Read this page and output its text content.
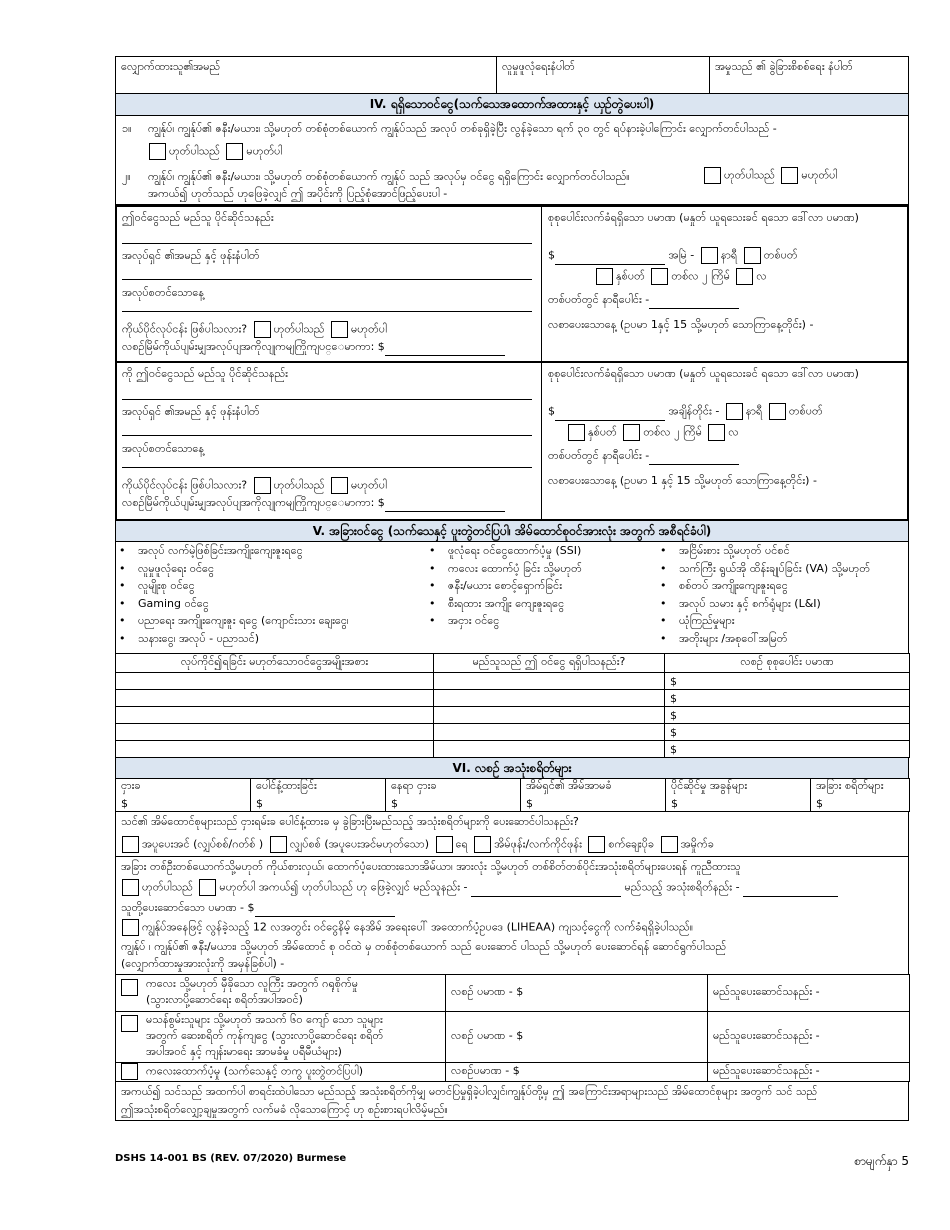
လျှောက်ထားသူ၏အမည်	လူမှုဖူလုံရေးနံပါတ်	အမှုသည် ၏ ခွဲခြားစိစစ်ရေး နံပါတ်
IV. ရရှိသောဝင်ငွေ(သက်သေအထောက်အထားနှင့် ယှဉ်တွဲပေးပါ)
၁။ ကျွန်ုပ်၊ ကျွန်ုပ်၏ ဇနီး/မယား၊ သို့မဟုတ် တစ်စုံတစ်ယောက် ကျွန်ုပ်သည် အလုပ် တစ်ခုရှိခဲ့ပြီး လွန်ခဲ့သော ရက် ၃၀ တွင် ရပ်နားခဲ့ပါကြောင်း လျှောက်တင်ပါသည် -
ဟုတ်ပါသည် မဟုတ်ပါ
၂။ ကျွန်ုပ်၊ ကျွန်ုပ်၏ ဇနီး/မယား၊ သို့မဟုတ် တစ်စုံတစ်ယောက် ကျွန်ုပ် သည် အလုပ်မှ ဝင်ငွေ ရရှိကြောင်း လျှောက်တင်ပါသည်။	ဟုတ်ပါသည် မဟုတ်ပါ
အကယ်၍ ဟုတ်သည် ဟုဖြေခဲ့လျှင် ဤ အပိုင်းကို ပြည့်စုံအောင်ဖြည့်ပေးပါ -
ဤဝင်ငွေသည် မည်သူ ပိုင်ဆိုင်သနည်း
အလုပ်ရှင် ၏အမည် နှင့် ဖုန်းနံပါတ်
အလုပ်စတင်သောနေ့
ကိုယ်ပိုင်လုပ်ငန်း ဖြစ်ပါသလား? ဟုတ်ပါသည် မဟုတ်ပါ
လစဉ်မြိမ်ကိုယ်ပျမ်းမျှအလုပ်ပျအကိုလျုကမျကြိုကျပင္ေမာကာ: $
စုစုပေါင်းလက်ခံရရှိသော ပမာဏ (မနှုတ် ယူရသေးခင် ရသော ဒေါ်လာ ပမာဏ)
$	အမြဲ - နာရီ တစ်ပတ်
နှစ်ပတ် တစ်လ ၂ ကြိမ် လ
တစ်ပတ်တွင် နာရီပေါင်း -
လစာပေးသောနေ့ (ဥပမာ 1နှင့် 15 သို့မဟုတ် သောကြာနေ့တိုင်း) -
ကို ဤဝင်ငွေသည် မည်သူ ပိုင်ဆိုင်သနည်း
အလုပ်ရှင် ၏အမည် နှင့် ဖုန်းနံပါတ်
အလုပ်စတင်သောနေ့
ကိုယ်ပိုင်လုပ်ငန်း ဖြစ်ပါသလား? ဟုတ်ပါသည် မဟုတ်ပါ
လစဉ်မြိမ်ကိုယ်ပျမ်းမျှအလုပ်ပျအကိုလျုကမျကြိုကျပင္ေမာကာ: $
စုစုပေါင်းလက်ခံရရှိသော ပမာဏ (မနှုတ် ယူရသေးခင် ရသော ဒေါ်လာ ပမာဏ)
$	အချိန်တိုင်း - နာရီ တစ်ပတ်
နှစ်ပတ် တစ်လ ၂ ကြိမ် လ
တစ်ပတ်တွင် နာရီပေါင်း -
လစာပေးသောနေ့ (ဥပမာ 1 နှင့် 15 သို့မဟုတ် သောကြာနေ့တိုင်း) -
V. အခြားဝင်ငွေ (သက်သေနှင့် ပူးတွဲတင်ပြပါ၊ အိမ်ထောင်စုဝင်အားလုံး အတွက် အစီရင်ခံပါ)
• အလုပ် လက်မဲ့ဖြစ်ခြင်းအကျိုးကျေးဇူးရငွေ
• လူမှုဖူလုံရေး ဝင်ငွေ
• လူမျိုးစု ဝင်ငွေ
• Gaming ဝင်ငွေ
• ပညာရေး အကျိုးကျေးဇူး ရငွေ (ကျောင်းသား ချေးငွေ၊
• သနားငွေ၊ အလုပ် - ပညာသင်)
• ဖူလုံရေး ဝင်ငွေထောက်ပံ့မှု (SSI)
• ကလေး ထောက်ပံ့ ခြင်း သို့မဟုတ်
• ဇနီး/မယား စောင့်ရှောက်ခြင်း
• စီးရထား အကျိုး ကျေးဇူးရငွေ
• အငှား ဝင်ငွေ
• အငြိမ်းစား သို့မဟုတ် ပင်စင်
• သက်ကြီး ရွယ်အို ထိန်းချုပ်ခြင်း (VA) သို့မဟုတ်
• စစ်တပ် အကျိုးကျေးဇူးရငွေ
• အလုပ် သမား နှင့် စက်ရုံများ (L&I)
• ယုံကြည်မှုများ
• အတိုးများ /အစုဝေါ်အမြတ်
လုပ်ကိုင်၍ရခြင်း မဟုတ်သောဝင်ငွေအမျိုးအစား	မည်သူသည် ဤ ဝင်ငွေ ရရှိပါသနည်း?	လစဉ် စုစုပေါင်း ပမာဏ
		$
		$
		$
		$
		$
VI. လစဉ် အသုံးစရိတ်များ
ငှားခ	ပေါင်နံ့ထားခြင်း	နေရာ ငှားခ	အိမ်ရှင်၏ အိမ်အာမခံ	ပိုင်ဆိုင်မှု အခွန်များ	အခြား စရိတ်များ
$	$	$	$	$	$
သင်၏ အိမ်ထောင်စုများသည် ငှားရမ်းခ ပေါင်နံ့ထားခ မှ ခွဲခြားပြီးမည်သည့် အသုံးစရိတ်များကို ပေးဆောင်ပါသနည်း?
အပူပေးအင် (လျှပ်စစ်/ဂတ်စ် ) လျှပ်စစ် (အပူပေးအင်မဟုတ်သော) ရေ အိမ်ဖုန်း/လက်ကိုင်ဖုန်း စက်ချေးပိုခ အမှိုက်ခ
အခြား တစ်ဦးတစ်ယောက်သို့မဟုတ် ကိုယ်စားလှယ်၊ ထောက်ပံ့ပေးထားသောအိမ်ယာ၊ အားလုံး သို့မဟုတ် တစ်စိတ်တစ်ပိုင်းအသုံးစရိတ်များပေးရန် ကူညီထားသူ
ဟုတ်ပါသည် မဟုတ်ပါ အကယ်၍ ဟုတ်ပါသည် ဟု ဖြေခဲ့လျှင် မည်သူနည်း -	မည်သည့် အသုံးစရိတ်နည်း -
သူတို့ပေးဆောင်သော ပမာဏ - $
ကျွန်ုပ်အနေဖြင့် လွန်ခဲ့သည့် 12 လအတွင်း ဝင်ငွေနိမ့် နေအိမ် အရေးပေါ် အထောက်ပံ့ဥပဒေ (LIHEAA) ကျသင့်ငွေကို လက်ခံရရှိခဲ့ပါသည်။
ကျွန်ုပ် ၊ ကျွန်ုပ်၏ ဇနီး/မယား၊ သို့မဟုတ် အိမ်ထောင် စု ဝင်ထဲ မှ တစ်စုံတစ်ယောက် သည် ပေးဆောင် ပါသည် သို့မဟုတ် ပေးဆောင်ရန် ဆောင်ရွက်ပါသည်
(လျှောက်ထားမှုအားလုံးကို အမှန်ခြစ်ပါ) -
ကလေး သို့မဟုတ် မှီခိုသော လူကြီး အတွက် ဂရုစိုက်မှု
(သွားလာပို့ဆောင်ရေး စရိတ်အပါအဝင်)	လစဉ် ပမာဏ - $	မည်သူပေးဆောင်သနည်း -

မသန်စွမ်းသူများ သို့မဟုတ် အသက် ၆၀ ကျော် သော သူများ
အတွက် ဆေးစရိတ် ကုန်ကျငွေ (သွားလာပို့ဆောင်ရေး စရိတ်
အပါအဝင် နှင့် ကျန်းမာရေး အာမခံမှု ပရီမီယံများ)	လစဉ် ပမာဏ - $	မည်သူပေးဆောင်သနည်း -
ကလေးထောက်ပံ့မှု (သက်သေနှင့် တကွ ပူးတွဲတင်ပြပါ)	လစဉ်ပမာဏ - $	မည်သူပေးဆောင်သနည်း -
အကယ်၍ သင်သည် အထက်ပါ စာရင်းထဲပါသော မည်သည့် အသုံးစရိတ်ကိုမျှ မတင်ပြမှုရှိခဲ့ပါလျှင်၊ကျွန်ုပ်တို့မှ ဤ အကြောင်းအရာများသည် အိမ်ထောင်စုများ အတွက် သင် သည်
ဤအသုံးစရိတ်လျှော့ချမှုအတွက် လက်မခံ လိုသောကြောင့် ဟု စဉ်းစားရပါလိမ့်မည်။
DSHS 14-001 BS (REV. 07/2020) Burmese	စာမျက်နှာ 5
